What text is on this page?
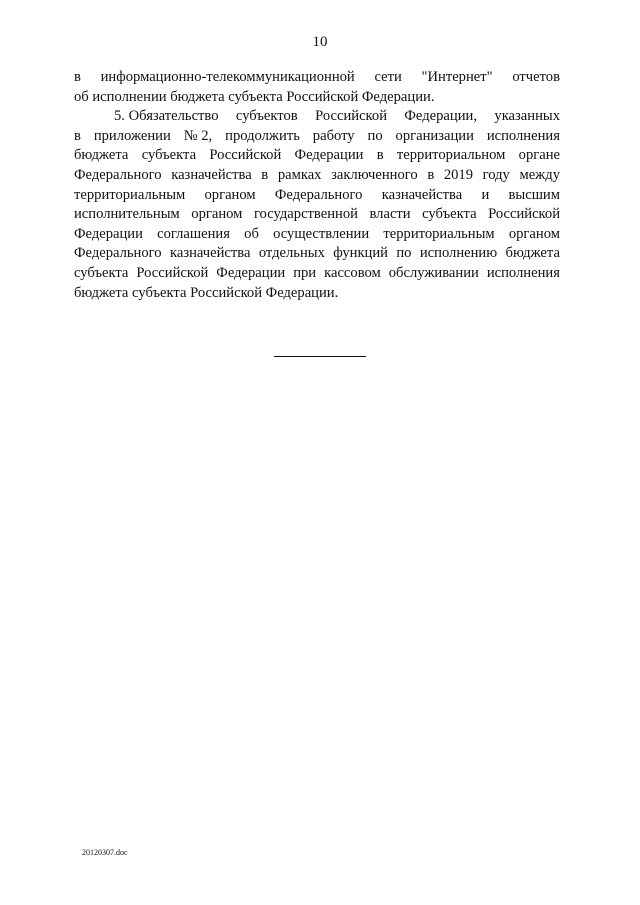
10
в информационно-телекоммуникационной сети "Интернет" отчетов
об исполнении бюджета субъекта Российской Федерации.
5. Обязательство субъектов Российской Федерации, указанных
в приложении № 2, продолжить работу по организации исполнения
бюджета субъекта Российской Федерации в территориальном органе
Федерального казначейства в рамках заключенного в 2019 году между
территориальным органом Федерального казначейства и высшим
исполнительным органом государственной власти субъекта Российской
Федерации соглашения об осуществлении территориальным органом
Федерального казначейства отдельных функций по исполнению бюджета
субъекта Российской Федерации при кассовом обслуживании исполнения
бюджета субъекта Российской Федерации.
20120307.doc
